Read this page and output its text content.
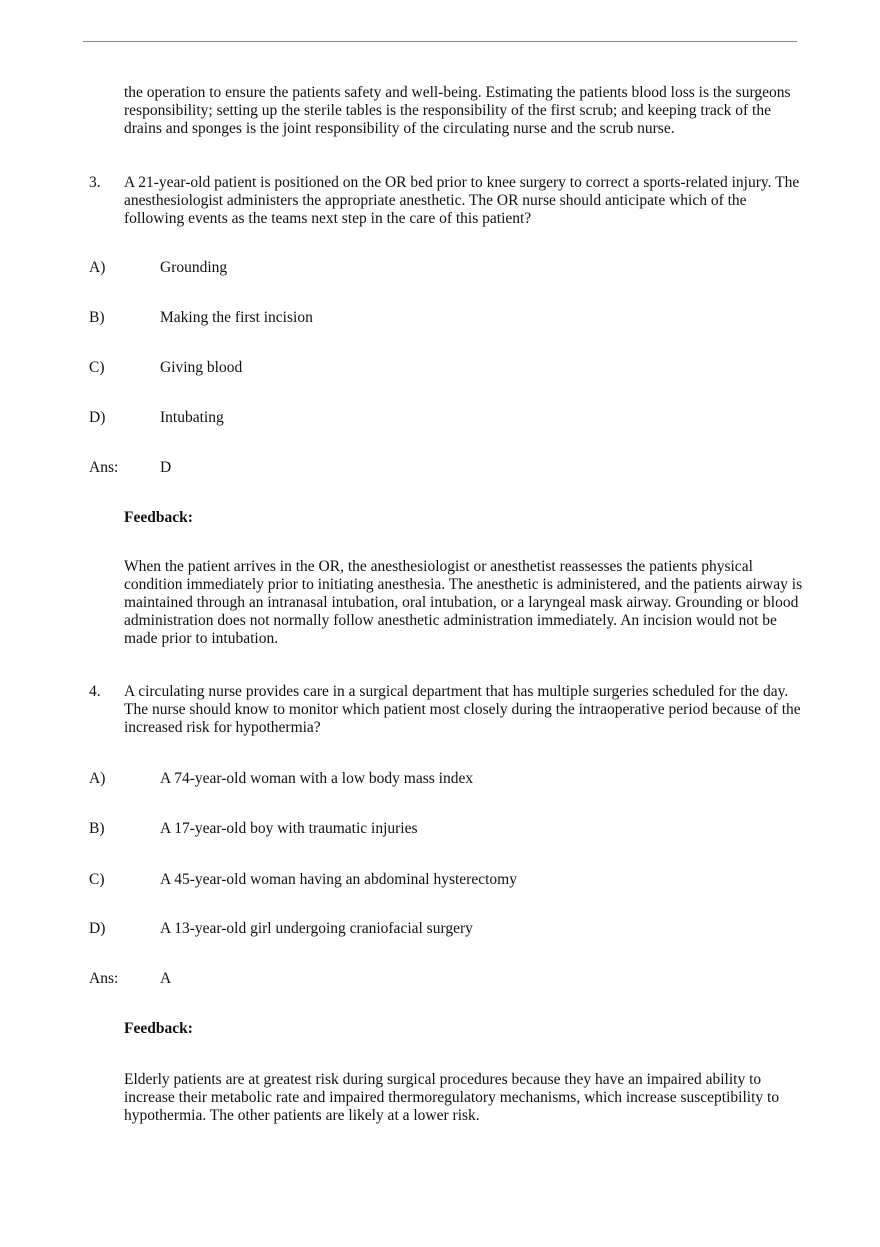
the operation to ensure the patients safety and well-being. Estimating the patients blood loss is the surgeons responsibility; setting up the sterile tables is the responsibility of the first scrub; and keeping track of the drains and sponges is the joint responsibility of the circulating nurse and the scrub nurse.

3. A 21-year-old patient is positioned on the OR bed prior to knee surgery to correct a sports-related injury. The anesthesiologist administers the appropriate anesthetic. The OR nurse should anticipate which of the following events as the teams next step in the care of this patient?

A)	Grounding

B)	Making the first incision

C)	Giving blood

D)	Intubating

Ans:	D

Feedback:

When the patient arrives in the OR, the anesthesiologist or anesthetist reassesses the patients physical condition immediately prior to initiating anesthesia. The anesthetic is administered, and the patients airway is maintained through an intranasal intubation, oral intubation, or a laryngeal mask airway. Grounding or blood administration does not normally follow anesthetic administration immediately. An incision would not be made prior to intubation.

4. A circulating nurse provides care in a surgical department that has multiple surgeries scheduled for the day. The nurse should know to monitor which patient most closely during the intraoperative period because of the increased risk for hypothermia?

A)	A 74-year-old woman with a low body mass index

B)	A 17-year-old boy with traumatic injuries

C)	A 45-year-old woman having an abdominal hysterectomy

D)	A 13-year-old girl undergoing craniofacial surgery

Ans:	A

Feedback:

Elderly patients are at greatest risk during surgical procedures because they have an impaired ability to increase their metabolic rate and impaired thermoregulatory mechanisms, which increase susceptibility to hypothermia. The other patients are likely at a lower risk.
